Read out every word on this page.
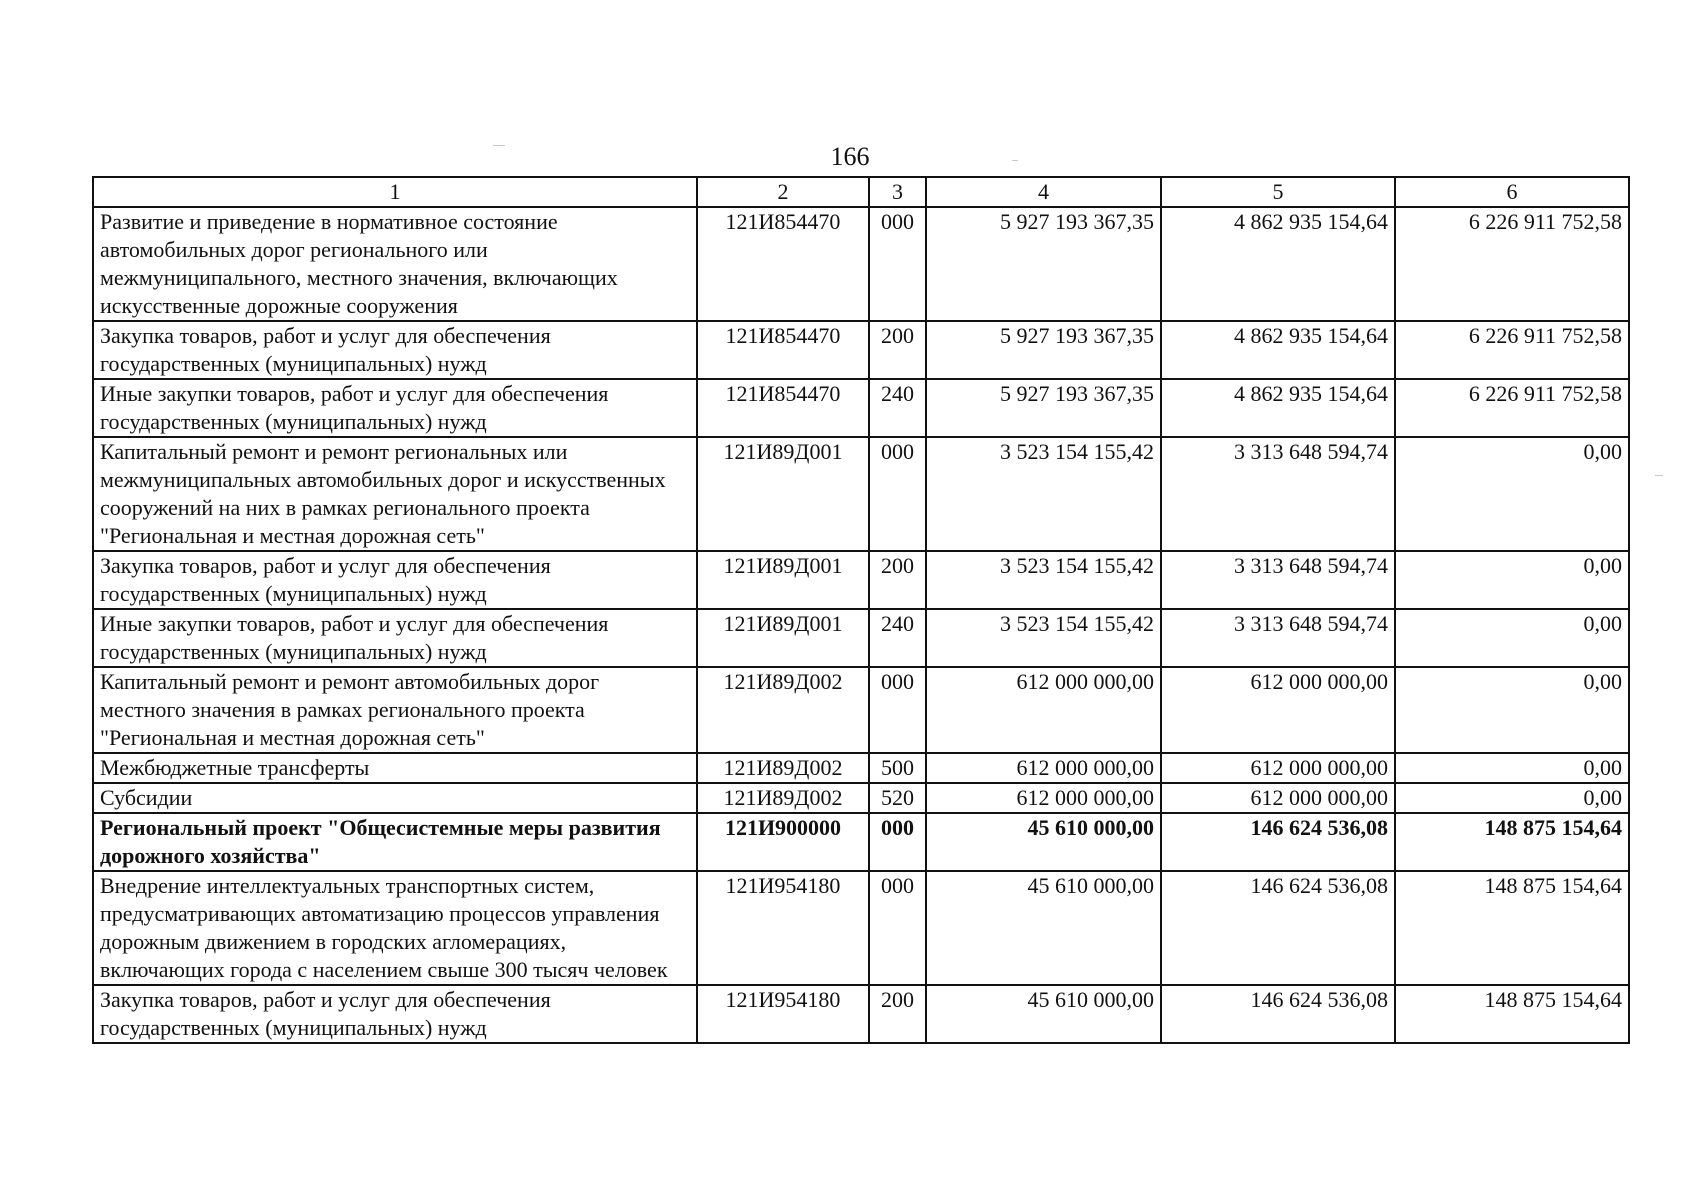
166
1	2	3	4	5	6
Развитие и приведение в нормативное состояние автомобильных дорог регионального или межмуниципального, местного значения, включающих искусственные дорожные сооружения	121И854470	000	5 927 193 367,35	4 862 935 154,64	6 226 911 752,58
Закупка товаров, работ и услуг для обеспечения государственных (муниципальных) нужд	121И854470	200	5 927 193 367,35	4 862 935 154,64	6 226 911 752,58
Иные закупки товаров, работ и услуг для обеспечения государственных (муниципальных) нужд	121И854470	240	5 927 193 367,35	4 862 935 154,64	6 226 911 752,58
Капитальный ремонт и ремонт региональных или межмуниципальных автомобильных дорог и искусственных сооружений на них в рамках регионального проекта "Региональная и местная дорожная сеть"	121И89Д001	000	3 523 154 155,42	3 313 648 594,74	0,00
Закупка товаров, работ и услуг для обеспечения государственных (муниципальных) нужд	121И89Д001	200	3 523 154 155,42	3 313 648 594,74	0,00
Иные закупки товаров, работ и услуг для обеспечения государственных (муниципальных) нужд	121И89Д001	240	3 523 154 155,42	3 313 648 594,74	0,00
Капитальный ремонт и ремонт автомобильных дорог местного значения в рамках регионального проекта "Региональная и местная дорожная сеть"	121И89Д002	000	612 000 000,00	612 000 000,00	0,00
Межбюджетные трансферты	121И89Д002	500	612 000 000,00	612 000 000,00	0,00
Субсидии	121И89Д002	520	612 000 000,00	612 000 000,00	0,00
Региональный проект "Общесистемные меры развития дорожного хозяйства"	121И900000	000	45 610 000,00	146 624 536,08	148 875 154,64
Внедрение интеллектуальных транспортных систем, предусматривающих автоматизацию процессов управления дорожным движением в городских агломерациях, включающих города с населением свыше 300 тысяч человек	121И954180	000	45 610 000,00	146 624 536,08	148 875 154,64
Закупка товаров, работ и услуг для обеспечения государственных (муниципальных) нужд	121И954180	200	45 610 000,00	146 624 536,08	148 875 154,64
